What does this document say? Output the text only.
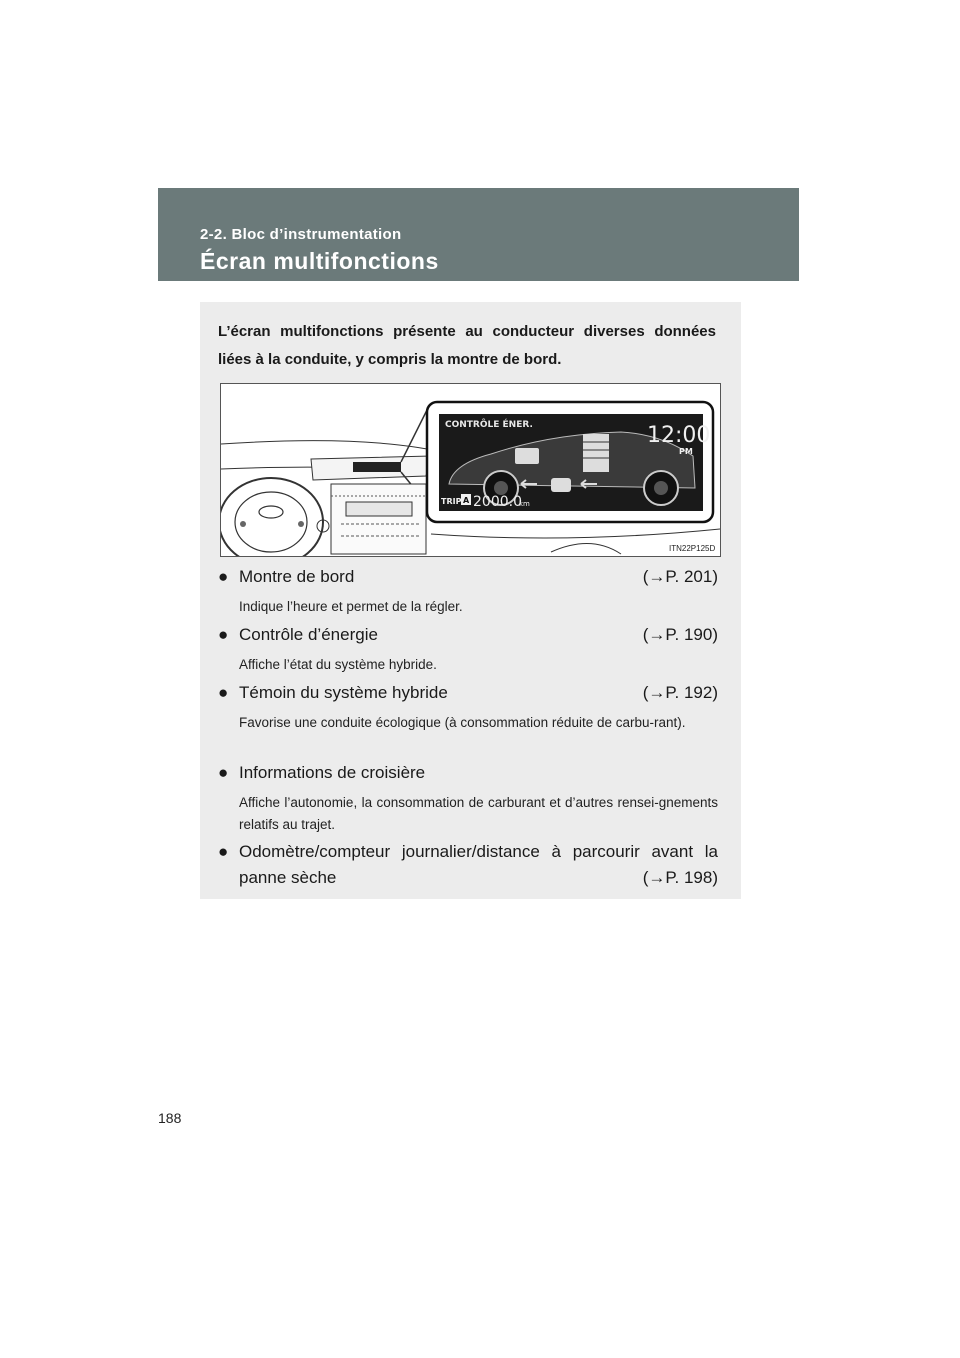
2-2. Bloc d’instrumentation
Écran multifonctions
L’écran multifonctions présente au conducteur diverses données liées à la conduite, y compris la montre de bord.
CONTRÔLE ÉNER.	12:00
PM
TRIP A 2000.0
km
ITN22P125D
● Montre de bord	(→P. 201)
Indique l’heure et permet de la régler.
● Contrôle d’énergie	(→P. 190)
Affiche l’état du système hybride.
● Témoin du système hybride	(→P. 192)
Favorise une conduite écologique (à consommation réduite de carbu-rant).
● Informations de croisière
Affiche l’autonomie, la consommation de carburant et d’autres rensei-gnements relatifs au trajet.
● Odomètre/compteur journalier/distance à parcourir avant la
panne sèche	(→P. 198)
188
